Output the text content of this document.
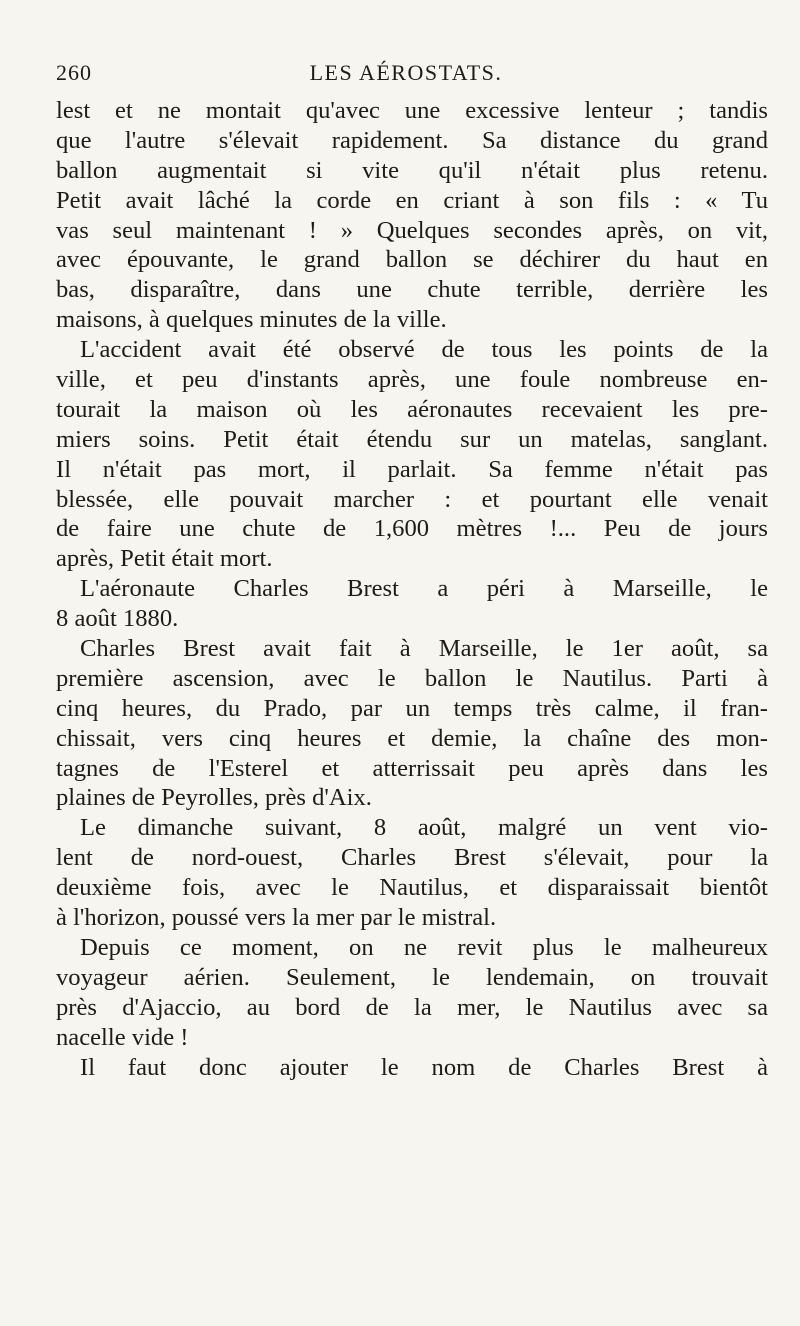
260	LES AÉROSTATS.
lest et ne montait qu'avec une excessive lenteur ; tandis
que l'autre s'élevait rapidement. Sa distance du grand
ballon augmentait si vite qu'il n'était plus retenu.
Petit avait lâché la corde en criant à son fils : « Tu
vas seul maintenant ! » Quelques secondes après, on vit,
avec épouvante, le grand ballon se déchirer du haut en
bas, disparaître, dans une chute terrible, derrière les
maisons, à quelques minutes de la ville.
L'accident avait été observé de tous les points de la
ville, et peu d'instants après, une foule nombreuse en-
tourait la maison où les aéronautes recevaient les pre-
miers soins. Petit était étendu sur un matelas, sanglant.
Il n'était pas mort, il parlait. Sa femme n'était pas
blessée, elle pouvait marcher : et pourtant elle venait
de faire une chute de 1,600 mètres !... Peu de jours
après, Petit était mort.
L'aéronaute Charles Brest a péri à Marseille, le
8 août 1880.
Charles Brest avait fait à Marseille, le 1er août, sa
première ascension, avec le ballon le Nautilus. Parti à
cinq heures, du Prado, par un temps très calme, il fran-
chissait, vers cinq heures et demie, la chaîne des mon-
tagnes de l'Esterel et atterrissait peu après dans les
plaines de Peyrolles, près d'Aix.
Le dimanche suivant, 8 août, malgré un vent vio-
lent de nord-ouest, Charles Brest s'élevait, pour la
deuxième fois, avec le Nautilus, et disparaissait bientôt
à l'horizon, poussé vers la mer par le mistral.
Depuis ce moment, on ne revit plus le malheureux
voyageur aérien. Seulement, le lendemain, on trouvait
près d'Ajaccio, au bord de la mer, le Nautilus avec sa
nacelle vide !
Il faut donc ajouter le nom de Charles Brest à
